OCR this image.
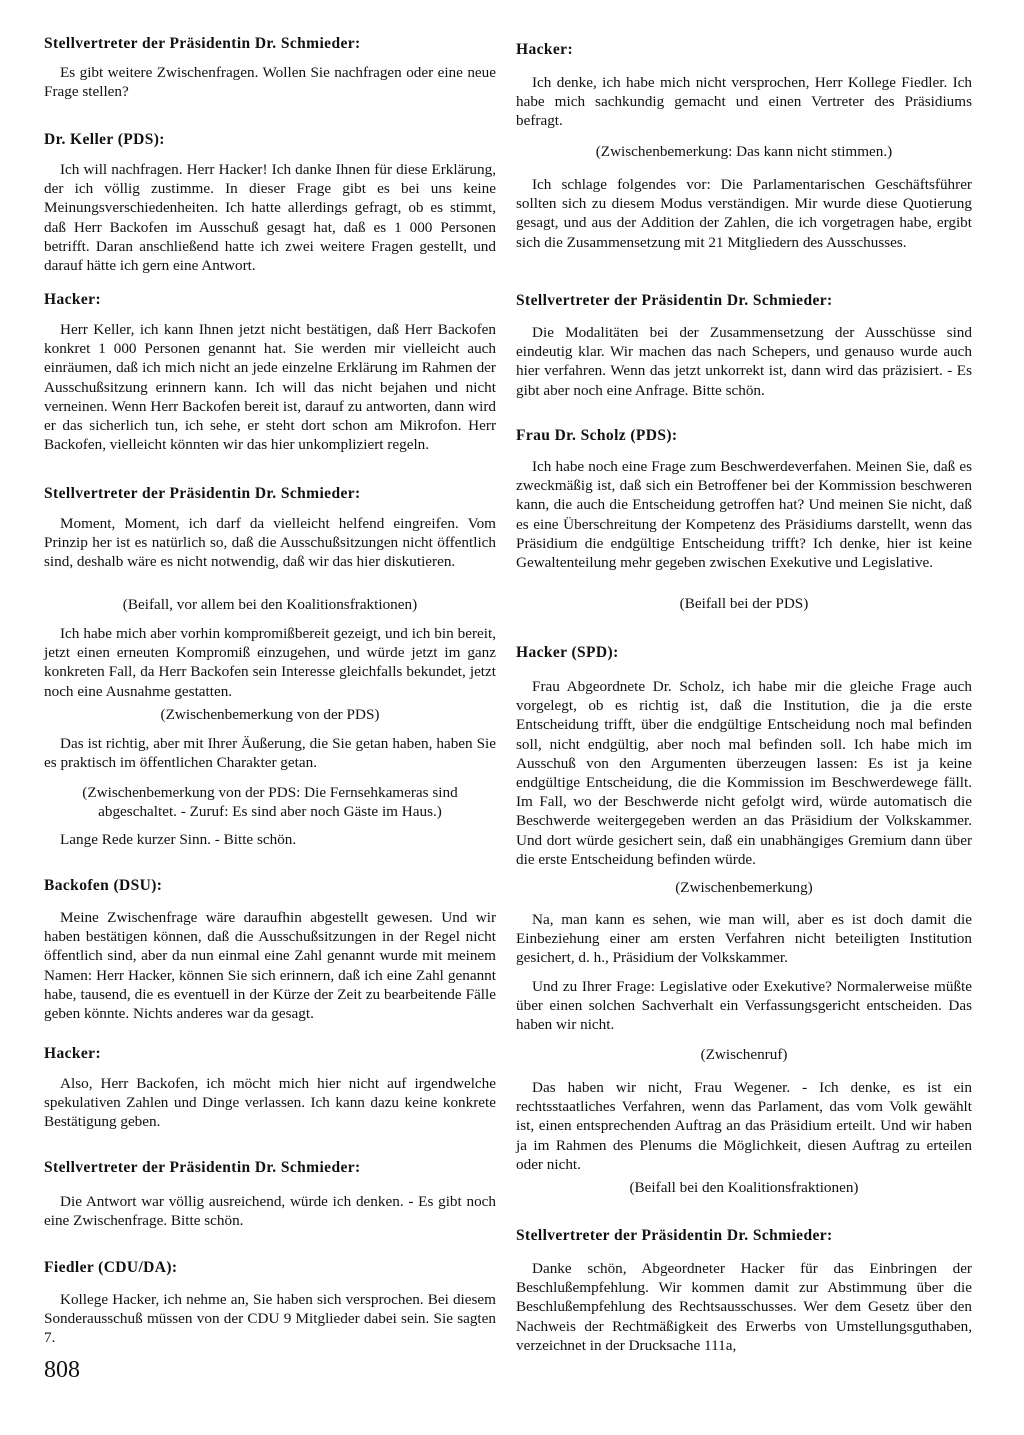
Stellvertreter der Präsidentin Dr. Schmieder:

Es gibt weitere Zwischenfragen. Wollen Sie nachfragen oder eine neue Frage stellen?

Dr. Keller (PDS):

Ich will nachfragen. Herr Hacker! Ich danke Ihnen für diese Erklärung, der ich völlig zustimme. In dieser Frage gibt es bei uns keine Meinungsverschiedenheiten. Ich hatte allerdings gefragt, ob es stimmt, daß Herr Backofen im Ausschuß gesagt hat, daß es 1 000 Personen betrifft. Daran anschließend hatte ich zwei weitere Fragen gestellt, und darauf hätte ich gern eine Antwort.

Hacker:

Herr Keller, ich kann Ihnen jetzt nicht bestätigen, daß Herr Backofen konkret 1 000 Personen genannt hat. Sie werden mir vielleicht auch einräumen, daß ich mich nicht an jede einzelne Erklärung im Rahmen der Ausschußsitzung erinnern kann. Ich will das nicht bejahen und nicht verneinen. Wenn Herr Backofen bereit ist, darauf zu antworten, dann wird er das sicherlich tun, ich sehe, er steht dort schon am Mikrofon. Herr Backofen, vielleicht könnten wir das hier unkompliziert regeln.

Stellvertreter der Präsidentin Dr. Schmieder:

Moment, Moment, ich darf da vielleicht helfend eingreifen. Vom Prinzip her ist es natürlich so, daß die Ausschußsitzungen nicht öffentlich sind, deshalb wäre es nicht notwendig, daß wir das hier diskutieren.

(Beifall, vor allem bei den Koalitionsfraktionen)

Ich habe mich aber vorhin kompromißbereit gezeigt, und ich bin bereit, jetzt einen erneuten Kompromiß einzugehen, und würde jetzt im ganz konkreten Fall, da Herr Backofen sein Interesse gleichfalls bekundet, jetzt noch eine Ausnahme gestatten.

(Zwischenbemerkung von der PDS)

Das ist richtig, aber mit Ihrer Äußerung, die Sie getan haben, haben Sie es praktisch im öffentlichen Charakter getan.

(Zwischenbemerkung von der PDS: Die Fernsehkameras sind abgeschaltet. - Zuruf: Es sind aber noch Gäste im Haus.)

Lange Rede kurzer Sinn. - Bitte schön.

Backofen (DSU):

Meine Zwischenfrage wäre daraufhin abgestellt gewesen. Und wir haben bestätigen können, daß die Ausschußsitzungen in der Regel nicht öffentlich sind, aber da nun einmal eine Zahl genannt wurde mit meinem Namen: Herr Hacker, können Sie sich erinnern, daß ich eine Zahl genannt habe, tausend, die es eventuell in der Kürze der Zeit zu bearbeitende Fälle geben könnte. Nichts anderes war da gesagt.

Hacker:

Also, Herr Backofen, ich möcht mich hier nicht auf irgendwelche spekulativen Zahlen und Dinge verlassen. Ich kann dazu keine konkrete Bestätigung geben.

Stellvertreter der Präsidentin Dr. Schmieder:

Die Antwort war völlig ausreichend, würde ich denken. - Es gibt noch eine Zwischenfrage. Bitte schön.

Fiedler (CDU/DA):

Kollege Hacker, ich nehme an, Sie haben sich versprochen. Bei diesem Sonderausschuß müssen von der CDU 9 Mitglieder dabei sein. Sie sagten 7.

Hacker:

Ich denke, ich habe mich nicht versprochen, Herr Kollege Fiedler. Ich habe mich sachkundig gemacht und einen Vertreter des Präsidiums befragt.

(Zwischenbemerkung: Das kann nicht stimmen.)

Ich schlage folgendes vor: Die Parlamentarischen Geschäftsführer sollten sich zu diesem Modus verständigen. Mir wurde diese Quotierung gesagt, und aus der Addition der Zahlen, die ich vorgetragen habe, ergibt sich die Zusammensetzung mit 21 Mitgliedern des Ausschusses.

Stellvertreter der Präsidentin Dr. Schmieder:

Die Modalitäten bei der Zusammensetzung der Ausschüsse sind eindeutig klar. Wir machen das nach Schepers, und genauso wurde auch hier verfahren. Wenn das jetzt unkorrekt ist, dann wird das präzisiert. - Es gibt aber noch eine Anfrage. Bitte schön.

Frau Dr. Scholz (PDS):

Ich habe noch eine Frage zum Beschwerdeverfahen. Meinen Sie, daß es zweckmäßig ist, daß sich ein Betroffener bei der Kommission beschweren kann, die auch die Entscheidung getroffen hat? Und meinen Sie nicht, daß es eine Überschreitung der Kompetenz des Präsidiums darstellt, wenn das Präsidium die endgültige Entscheidung trifft? Ich denke, hier ist keine Gewaltenteilung mehr gegeben zwischen Exekutive und Legislative.

(Beifall bei der PDS)

Hacker (SPD):

Frau Abgeordnete Dr. Scholz, ich habe mir die gleiche Frage auch vorgelegt, ob es richtig ist, daß die Institution, die ja die erste Entscheidung trifft, über die endgültige Entscheidung noch mal befinden soll, nicht endgültig, aber noch mal befinden soll. Ich habe mich im Ausschuß von den Argumenten überzeugen lassen: Es ist ja keine endgültige Entscheidung, die die Kommission im Beschwerdewege fällt. Im Fall, wo der Beschwerde nicht gefolgt wird, würde automatisch die Beschwerde weitergegeben werden an das Präsidium der Volkskammer. Und dort würde gesichert sein, daß ein unabhängiges Gremium dann über die erste Entscheidung befinden würde.

(Zwischenbemerkung)

Na, man kann es sehen, wie man will, aber es ist doch damit die Einbeziehung einer am ersten Verfahren nicht beteiligten Institution gesichert, d. h., Präsidium der Volkskammer.

Und zu Ihrer Frage: Legislative oder Exekutive? Normalerweise müßte über einen solchen Sachverhalt ein Verfassungsgericht entscheiden. Das haben wir nicht.

(Zwischenruf)

Das haben wir nicht, Frau Wegener. - Ich denke, es ist ein rechtsstaatliches Verfahren, wenn das Parlament, das vom Volk gewählt ist, einen entsprechenden Auftrag an das Präsidium erteilt. Und wir haben ja im Rahmen des Plenums die Möglichkeit, diesen Auftrag zu erteilen oder nicht.

(Beifall bei den Koalitionsfraktionen)

Stellvertreter der Präsidentin Dr. Schmieder:

Danke schön, Abgeordneter Hacker für das Einbringen der Beschlußempfehlung. Wir kommen damit zur Abstimmung über die Beschlußempfehlung des Rechtsausschusses. Wer dem Gesetz über den Nachweis der Rechtmäßigkeit des Erwerbs von Umstellungsguthaben, verzeichnet in der Drucksache 111a,

808
